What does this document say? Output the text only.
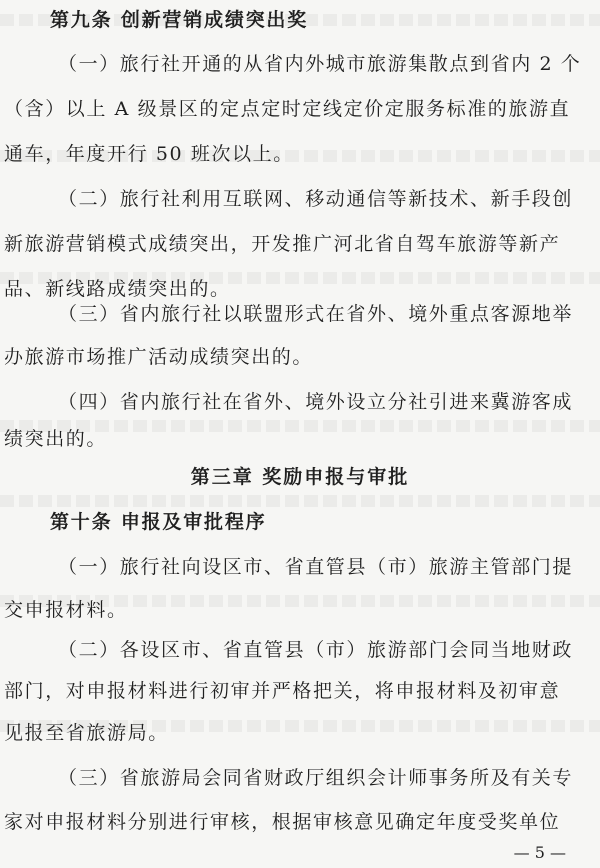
第九条 创新营销成绩突出奖
（一）旅行社开通的从省内外城市旅游集散点到省内 2 个
（含）以上 A 级景区的定点定时定线定价定服务标准的旅游直
通车，年度开行 50 班次以上。
（二）旅行社利用互联网、移动通信等新技术、新手段创
新旅游营销模式成绩突出，开发推广河北省自驾车旅游等新产
品、新线路成绩突出的。
（三）省内旅行社以联盟形式在省外、境外重点客源地举
办旅游市场推广活动成绩突出的。
（四）省内旅行社在省外、境外设立分社引进来冀游客成
绩突出的。
第三章 奖励申报与审批
第十条 申报及审批程序
（一）旅行社向设区市、省直管县（市）旅游主管部门提
交申报材料。
（二）各设区市、省直管县（市）旅游部门会同当地财政
部门，对申报材料进行初审并严格把关，将申报材料及初审意
见报至省旅游局。
（三）省旅游局会同省财政厅组织会计师事务所及有关专
家对申报材料分别进行审核，根据审核意见确定年度受奖单位
— 5 —
